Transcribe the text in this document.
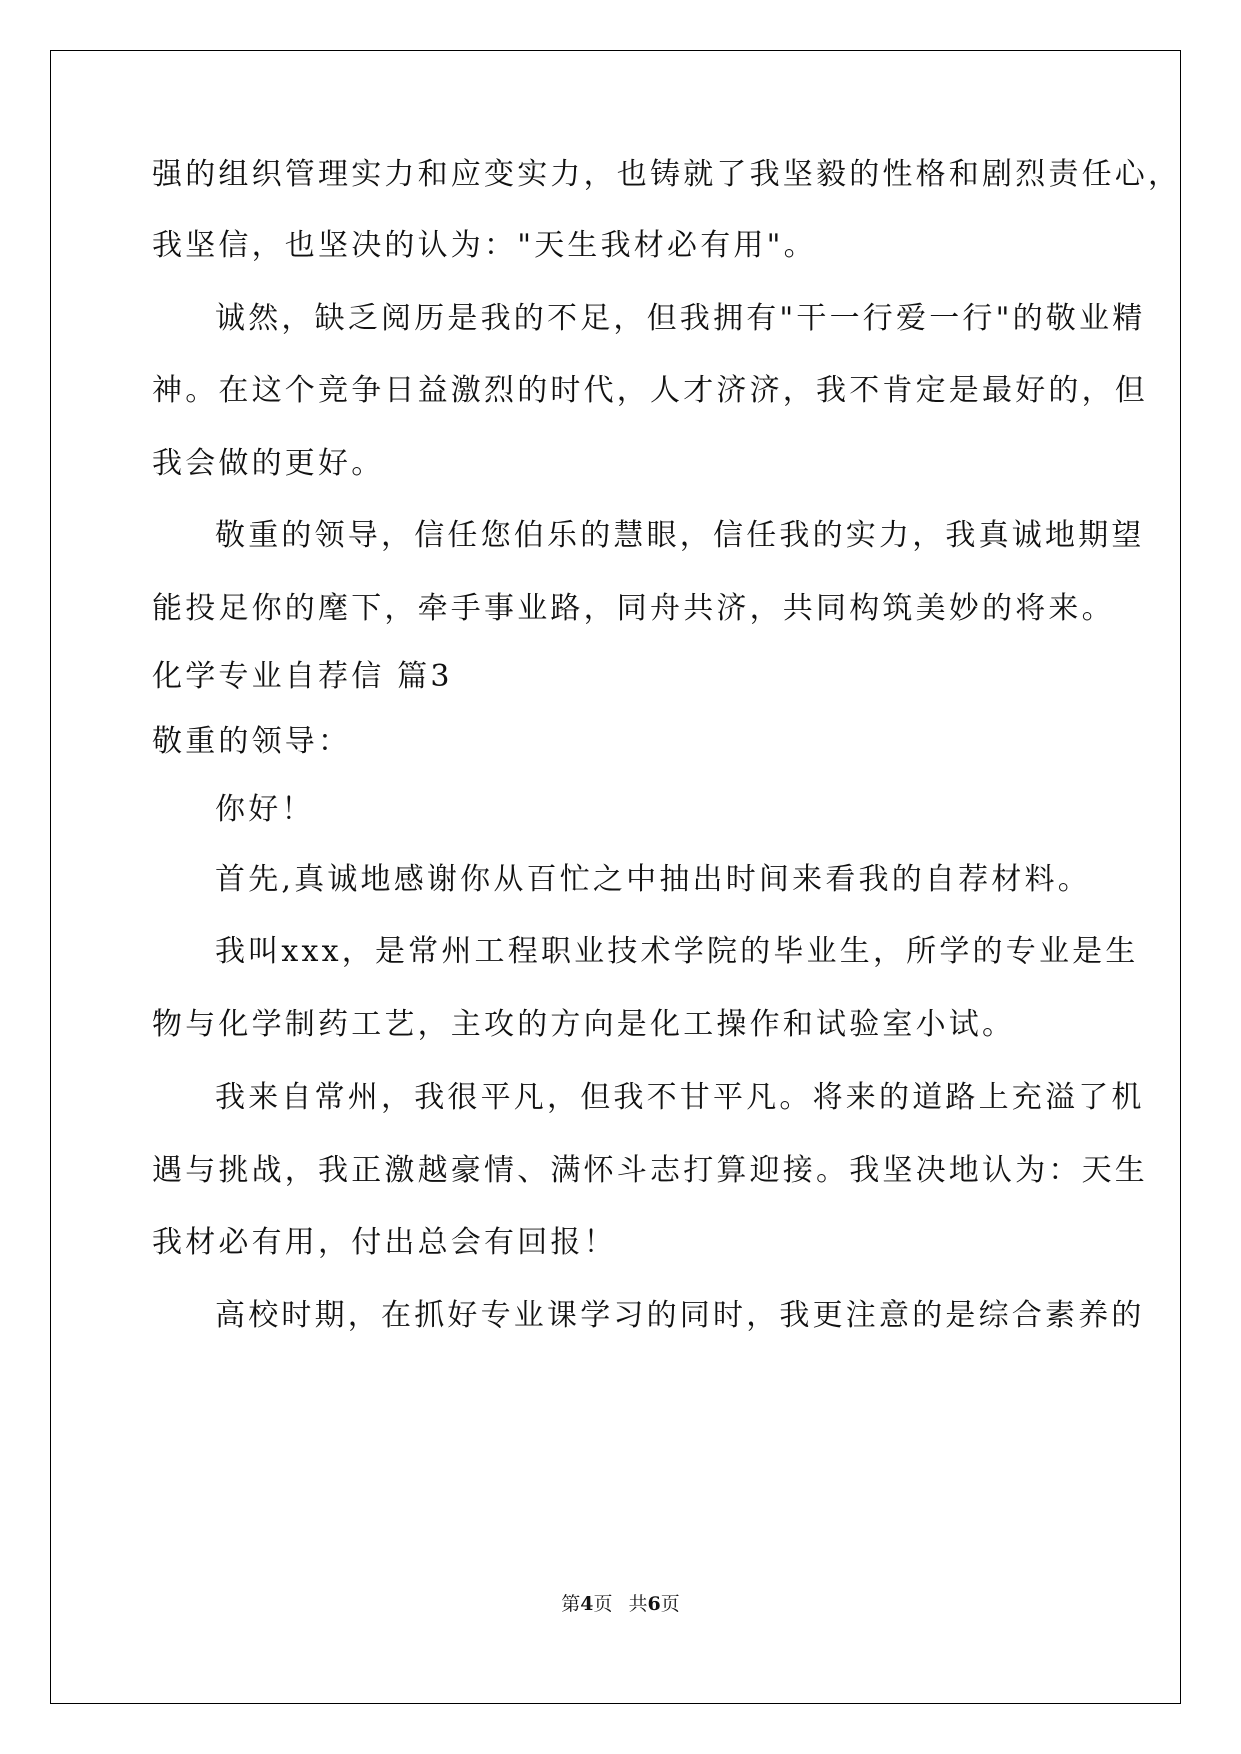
强的组织管理实力和应变实力，也铸就了我坚毅的性格和剧烈责任心，
我坚信，也坚决的认为："天生我材必有用"。
诚然，缺乏阅历是我的不足，但我拥有"干一行爱一行"的敬业精
神。在这个竞争日益激烈的时代，人才济济，我不肯定是最好的，但
我会做的更好。
敬重的领导，信任您伯乐的慧眼，信任我的实力，我真诚地期望
能投足你的麾下，牵手事业路，同舟共济，共同构筑美妙的将来。
化学专业自荐信 篇3
敬重的领导：
你好！
首先,真诚地感谢你从百忙之中抽出时间来看我的自荐材料。
我叫xxx，是常州工程职业技术学院的毕业生，所学的专业是生
物与化学制药工艺，主攻的方向是化工操作和试验室小试。
我来自常州，我很平凡，但我不甘平凡。将来的道路上充溢了机
遇与挑战，我正激越豪情、满怀斗志打算迎接。我坚决地认为：天生
我材必有用，付出总会有回报！
高校时期，在抓好专业课学习的同时，我更注意的是综合素养的
第4页 共6页
